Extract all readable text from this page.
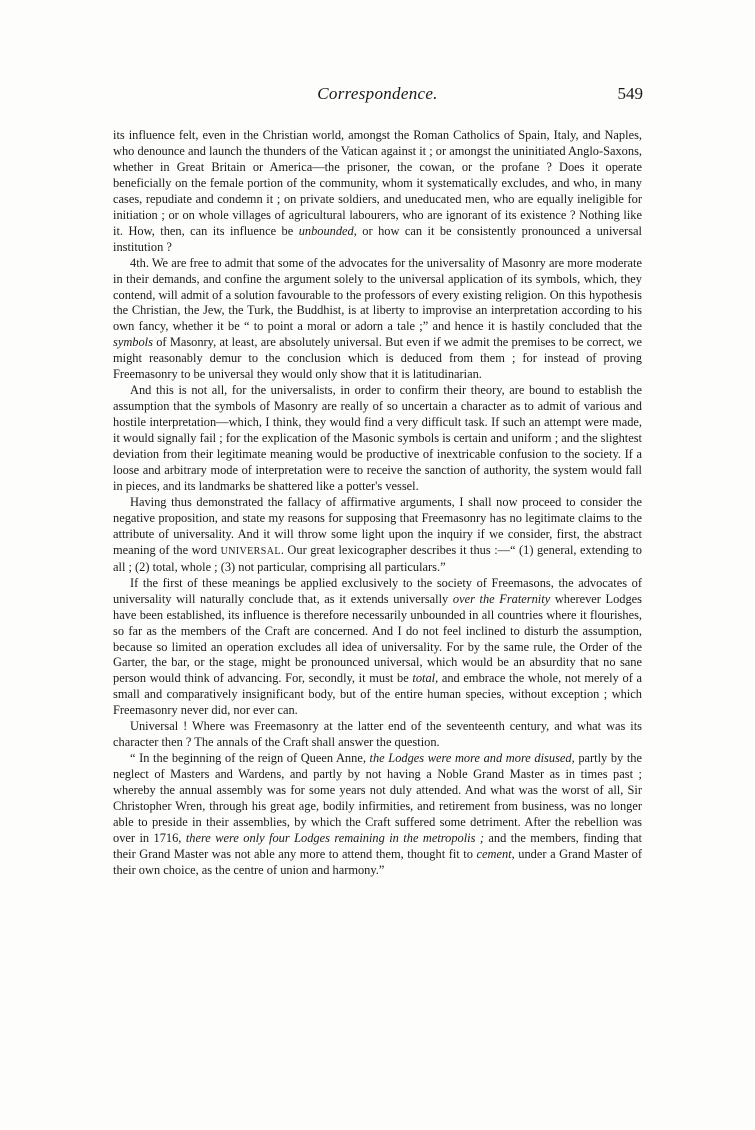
Correspondence.	549

its influence felt, even in the Christian world, amongst the Roman Catholics of Spain, Italy, and Naples, who denounce and launch the thunders of the Vatican against it ; or amongst the uninitiated Anglo-Saxons, whether in Great Britain or America—the prisoner, the cowan, or the profane ? Does it operate beneficially on the female portion of the community, whom it systematically excludes, and who, in many cases, repudiate and condemn it ; on private soldiers, and uneducated men, who are equally ineligible for initiation ; or on whole villages of agricultural labourers, who are ignorant of its existence ? Nothing like it. How, then, can its influence be unbounded, or how can it be consistently pronounced a universal institution ?

4th. We are free to admit that some of the advocates for the universality of Masonry are more moderate in their demands, and confine the argument solely to the universal application of its symbols, which, they contend, will admit of a solution favourable to the professors of every existing religion. On this hypothesis the Christian, the Jew, the Turk, the Buddhist, is at liberty to improvise an interpretation according to his own fancy, whether it be “ to point a moral or adorn a tale ;” and hence it is hastily concluded that the symbols of Masonry, at least, are absolutely universal. But even if we admit the premises to be correct, we might reasonably demur to the conclusion which is deduced from them ; for instead of proving Freemasonry to be universal they would only show that it is latitudinarian.

And this is not all, for the universalists, in order to confirm their theory, are bound to establish the assumption that the symbols of Masonry are really of so uncertain a character as to admit of various and hostile interpretation—which, I think, they would find a very difficult task. If such an attempt were made, it would signally fail ; for the explication of the Masonic symbols is certain and uniform ; and the slightest deviation from their legitimate meaning would be productive of inextricable confusion to the society. If a loose and arbitrary mode of interpretation were to receive the sanction of authority, the system would fall in pieces, and its landmarks be shattered like a potter's vessel.

Having thus demonstrated the fallacy of affirmative arguments, I shall now proceed to consider the negative proposition, and state my reasons for supposing that Freemasonry has no legitimate claims to the attribute of universality. And it will throw some light upon the inquiry if we consider, first, the abstract meaning of the word UNIVERSAL. Our great lexicographer describes it thus :—“ (1) general, extending to all ; (2) total, whole ; (3) not particular, comprising all particulars.”

If the first of these meanings be applied exclusively to the society of Freemasons, the advocates of universality will naturally conclude that, as it extends universally over the Fraternity wherever Lodges have been established, its influence is therefore necessarily unbounded in all countries where it flourishes, so far as the members of the Craft are concerned. And I do not feel inclined to disturb the assumption, because so limited an operation excludes all idea of universality. For by the same rule, the Order of the Garter, the bar, or the stage, might be pronounced universal, which would be an absurdity that no sane person would think of advancing. For, secondly, it must be total, and embrace the whole, not merely of a small and comparatively insignificant body, but of the entire human species, without exception ; which Freemasonry never did, nor ever can.

Universal ! Where was Freemasonry at the latter end of the seventeenth century, and what was its character then ? The annals of the Craft shall answer the question.

“ In the beginning of the reign of Queen Anne, the Lodges were more and more disused, partly by the neglect of Masters and Wardens, and partly by not having a Noble Grand Master as in times past ; whereby the annual assembly was for some years not duly attended. And what was the worst of all, Sir Christopher Wren, through his great age, bodily infirmities, and retirement from business, was no longer able to preside in their assemblies, by which the Craft suffered some detriment. After the rebellion was over in 1716, there were only four Lodges remaining in the metropolis ; and the members, finding that their Grand Master was not able any more to attend them, thought fit to cement, under a Grand Master of their own choice, as the centre of union and harmony.”
